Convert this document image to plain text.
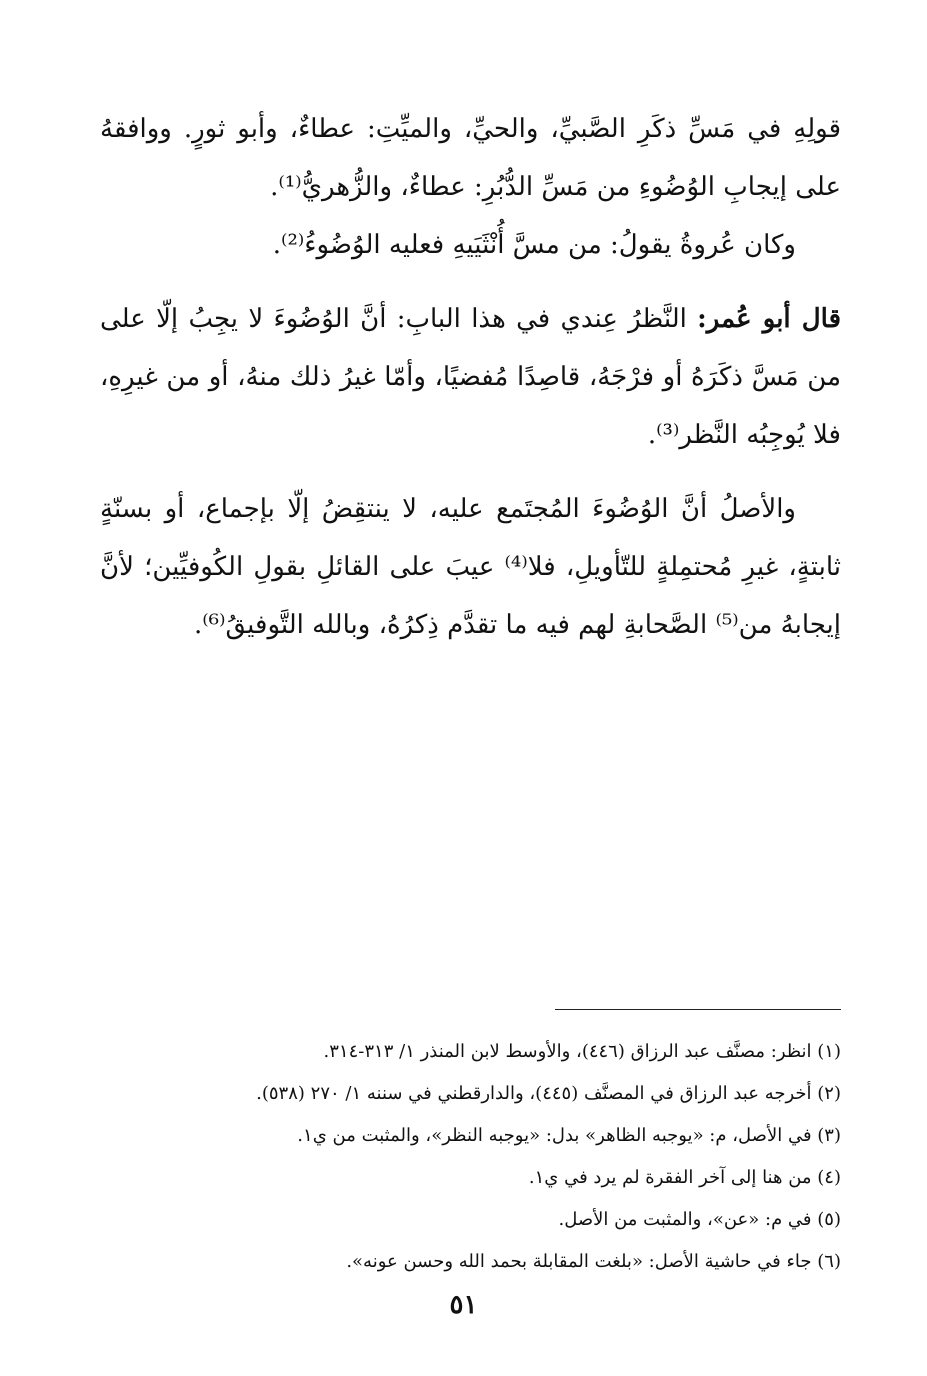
قولِهِ في مَسِّ ذكَرِ الصَّبيِّ، والحيِّ، والميِّتِ: عطاءٌ، وأبو ثورٍ. ووافقهُ على إيجابِ الوُضُوءِ من مَسِّ الدُّبُرِ: عطاءٌ، والزُّهريُّ⁽¹⁾.

وكان عُروةُ يقولُ: من مسَّ أُنْثَيَيهِ فعليه الوُضُوءُ⁽²⁾.

قال أبو عُمر: النَّظرُ عِندي في هذا البابِ: أنَّ الوُضُوءَ لا يجِبُ إلّا على من مَسَّ ذكَرَهُ أو فرْجَهُ، قاصِدًا مُفضيًا، وأمّا غيرُ ذلك منهُ، أو من غيرِهِ، فلا يُوجِبُه النَّظر⁽³⁾.

والأصلُ أنَّ الوُضُوءَ المُجتَمع عليه، لا ينتقِضُ إلّا بإجماع، أو بسنّةٍ ثابتةٍ، غيرِ مُحتمِلةٍ للتّأويلِ، فلا⁽⁴⁾ عيبَ على القائلِ بقولِ الكُوفيِّين؛ لأنَّ إيجابهُ من⁽⁵⁾ الصَّحابةِ لهم فيه ما تقدَّم ذِكرُهُ، وبالله التَّوفيقُ⁽⁶⁾.

(١) انظر: مصنَّف عبد الرزاق (٤٤٦)، والأوسط لابن المنذر ١/ ٣١٣-٣١٤.

(٢) أخرجه عبد الرزاق في المصنَّف (٤٤٥)، والدارقطني في سننه ١/ ٢٧٠ (٥٣٨).

(٣) في الأصل، م: «يوجبه الظاهر» بدل: «يوجبه النظر»، والمثبت من ي١.

(٤) من هنا إلى آخر الفقرة لم يرد في ي١.

(٥) في م: «عن»، والمثبت من الأصل.

(٦) جاء في حاشية الأصل: «بلغت المقابلة بحمد الله وحسن عونه».

٥١
